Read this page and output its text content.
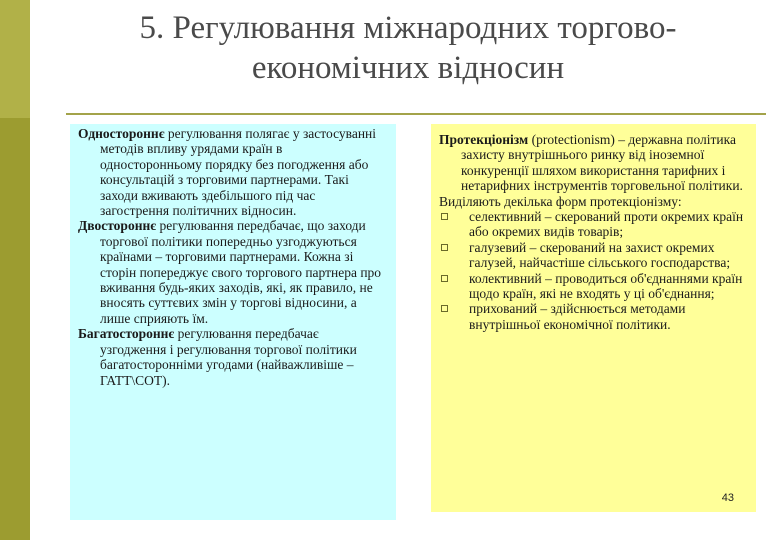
5. Регулювання міжнародних торгово-
економічних відносин

Одностороннє регулювання полягає у застосуванні методів впливу урядами країн в односторонньому порядку без погодження або консультацій з торговими партнерами. Такі заходи вживають здебільшого під час загострення політичних відносин.

Двостороннє регулювання передбачає, що заходи торгової політики попередньо узгоджуються країнами – торговими партнерами. Кожна зі сторін попереджує свого торгового партнера про вживання будь-яких заходів, які, як правило, не вносять суттєвих змін у торгові відносини, а лише сприяють їм.

Багатостороннє регулювання передбачає узгодження і регулювання торгової політики багатосторонніми угодами (найважливіше – ГАТТ\СОТ).

Протекціонізм (protectionism) – державна політика захисту внутрішнього ринку від іноземної конкуренції шляхом використання тарифних і нетарифних інструментів торговельної політики.

Виділяють декілька форм протекціонізму:

селективний – скерований проти окремих країн або окремих видів товарів;
галузевий – скерований на захист окремих галузей, найчастіше сільського господарства;
колективний – проводиться об'єднаннями країн щодо країн, які не входять у ці об'єднання;
прихований – здійснюється методами внутрішньої економічної політики.
43
